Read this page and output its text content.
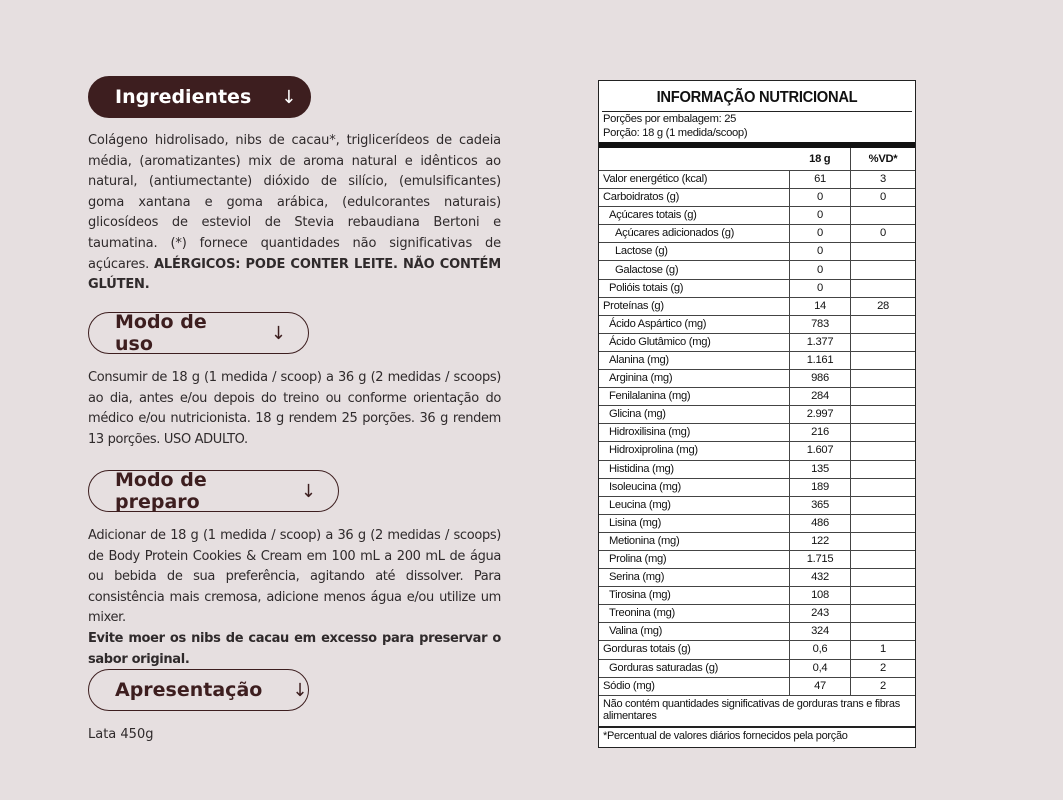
Ingredientes ↓

Colágeno hidrolisado, nibs de cacau*, triglicerídeos de cadeia média, (aromatizantes) mix de aroma natural e idênticos ao natural, (antiumectante) dióxido de silício, (emulsificantes) goma xantana e goma arábica, (edulcorantes naturais) glicosídeos de esteviol de Stevia rebaudiana Bertoni e taumatina. (*) fornece quantidades não significativas de açúcares. ALÉRGICOS: PODE CONTER LEITE. NÃO CONTÉM GLÚTEN.

Modo de uso	↓

Consumir de 18 g (1 medida / scoop) a 36 g (2 medidas / scoops) ao dia, antes e/ou depois do treino ou conforme orientação do médico e/ou nutricionista. 18 g rendem 25 porções. 36 g rendem 13 porções. USO ADULTO.

Modo de preparo	↓

Adicionar de 18 g (1 medida / scoop) a 36 g (2 medidas / scoops) de Body Protein Cookies & Cream em 100 mL a 200 mL de água ou bebida de sua preferência, agitando até dissolver. Para consistência mais cremosa, adicione menos água e/ou utilize um mixer.
Evite moer os nibs de cacau em excesso para preservar o sabor original.

Apresentação ↓

Lata 450g

INFORMAÇÃO NUTRICIONAL
Porções por embalagem: 25
Porção: 18 g (1 medida/scoop)
	18 g	%VD*
Valor energético (kcal)	61	3
Carboidratos (g)	0	0
Açúcares totais (g)	0	
Açúcares adicionados (g)	0	0
Lactose (g)	0	
Galactose (g)	0	
Polióis totais (g)	0	
Proteínas (g)	14	28
Ácido Aspártico (mg)	783	
Ácido Glutâmico (mg)	1.377	
Alanina (mg)	1.161	
Arginina (mg)	986	
Fenilalanina (mg)	284	
Glicina (mg)	2.997	
Hidroxilisina (mg)	216	
Hidroxiprolina (mg)	1.607	
Histidina (mg)	135	
Isoleucina (mg)	189	
Leucina (mg)	365	
Lisina (mg)	486	
Metionina (mg)	122	
Prolina (mg)	1.715	
Serina (mg)	432	
Tirosina (mg)	108	
Treonina (mg)	243	
Valina (mg)	324	
Gorduras totais (g)	0,6	1
Gorduras saturadas (g)	0,4	2
Sódio (mg)	47	2
Não contém quantidades significativas de gorduras trans e fibras alimentares
*Percentual de valores diários fornecidos pela porção
